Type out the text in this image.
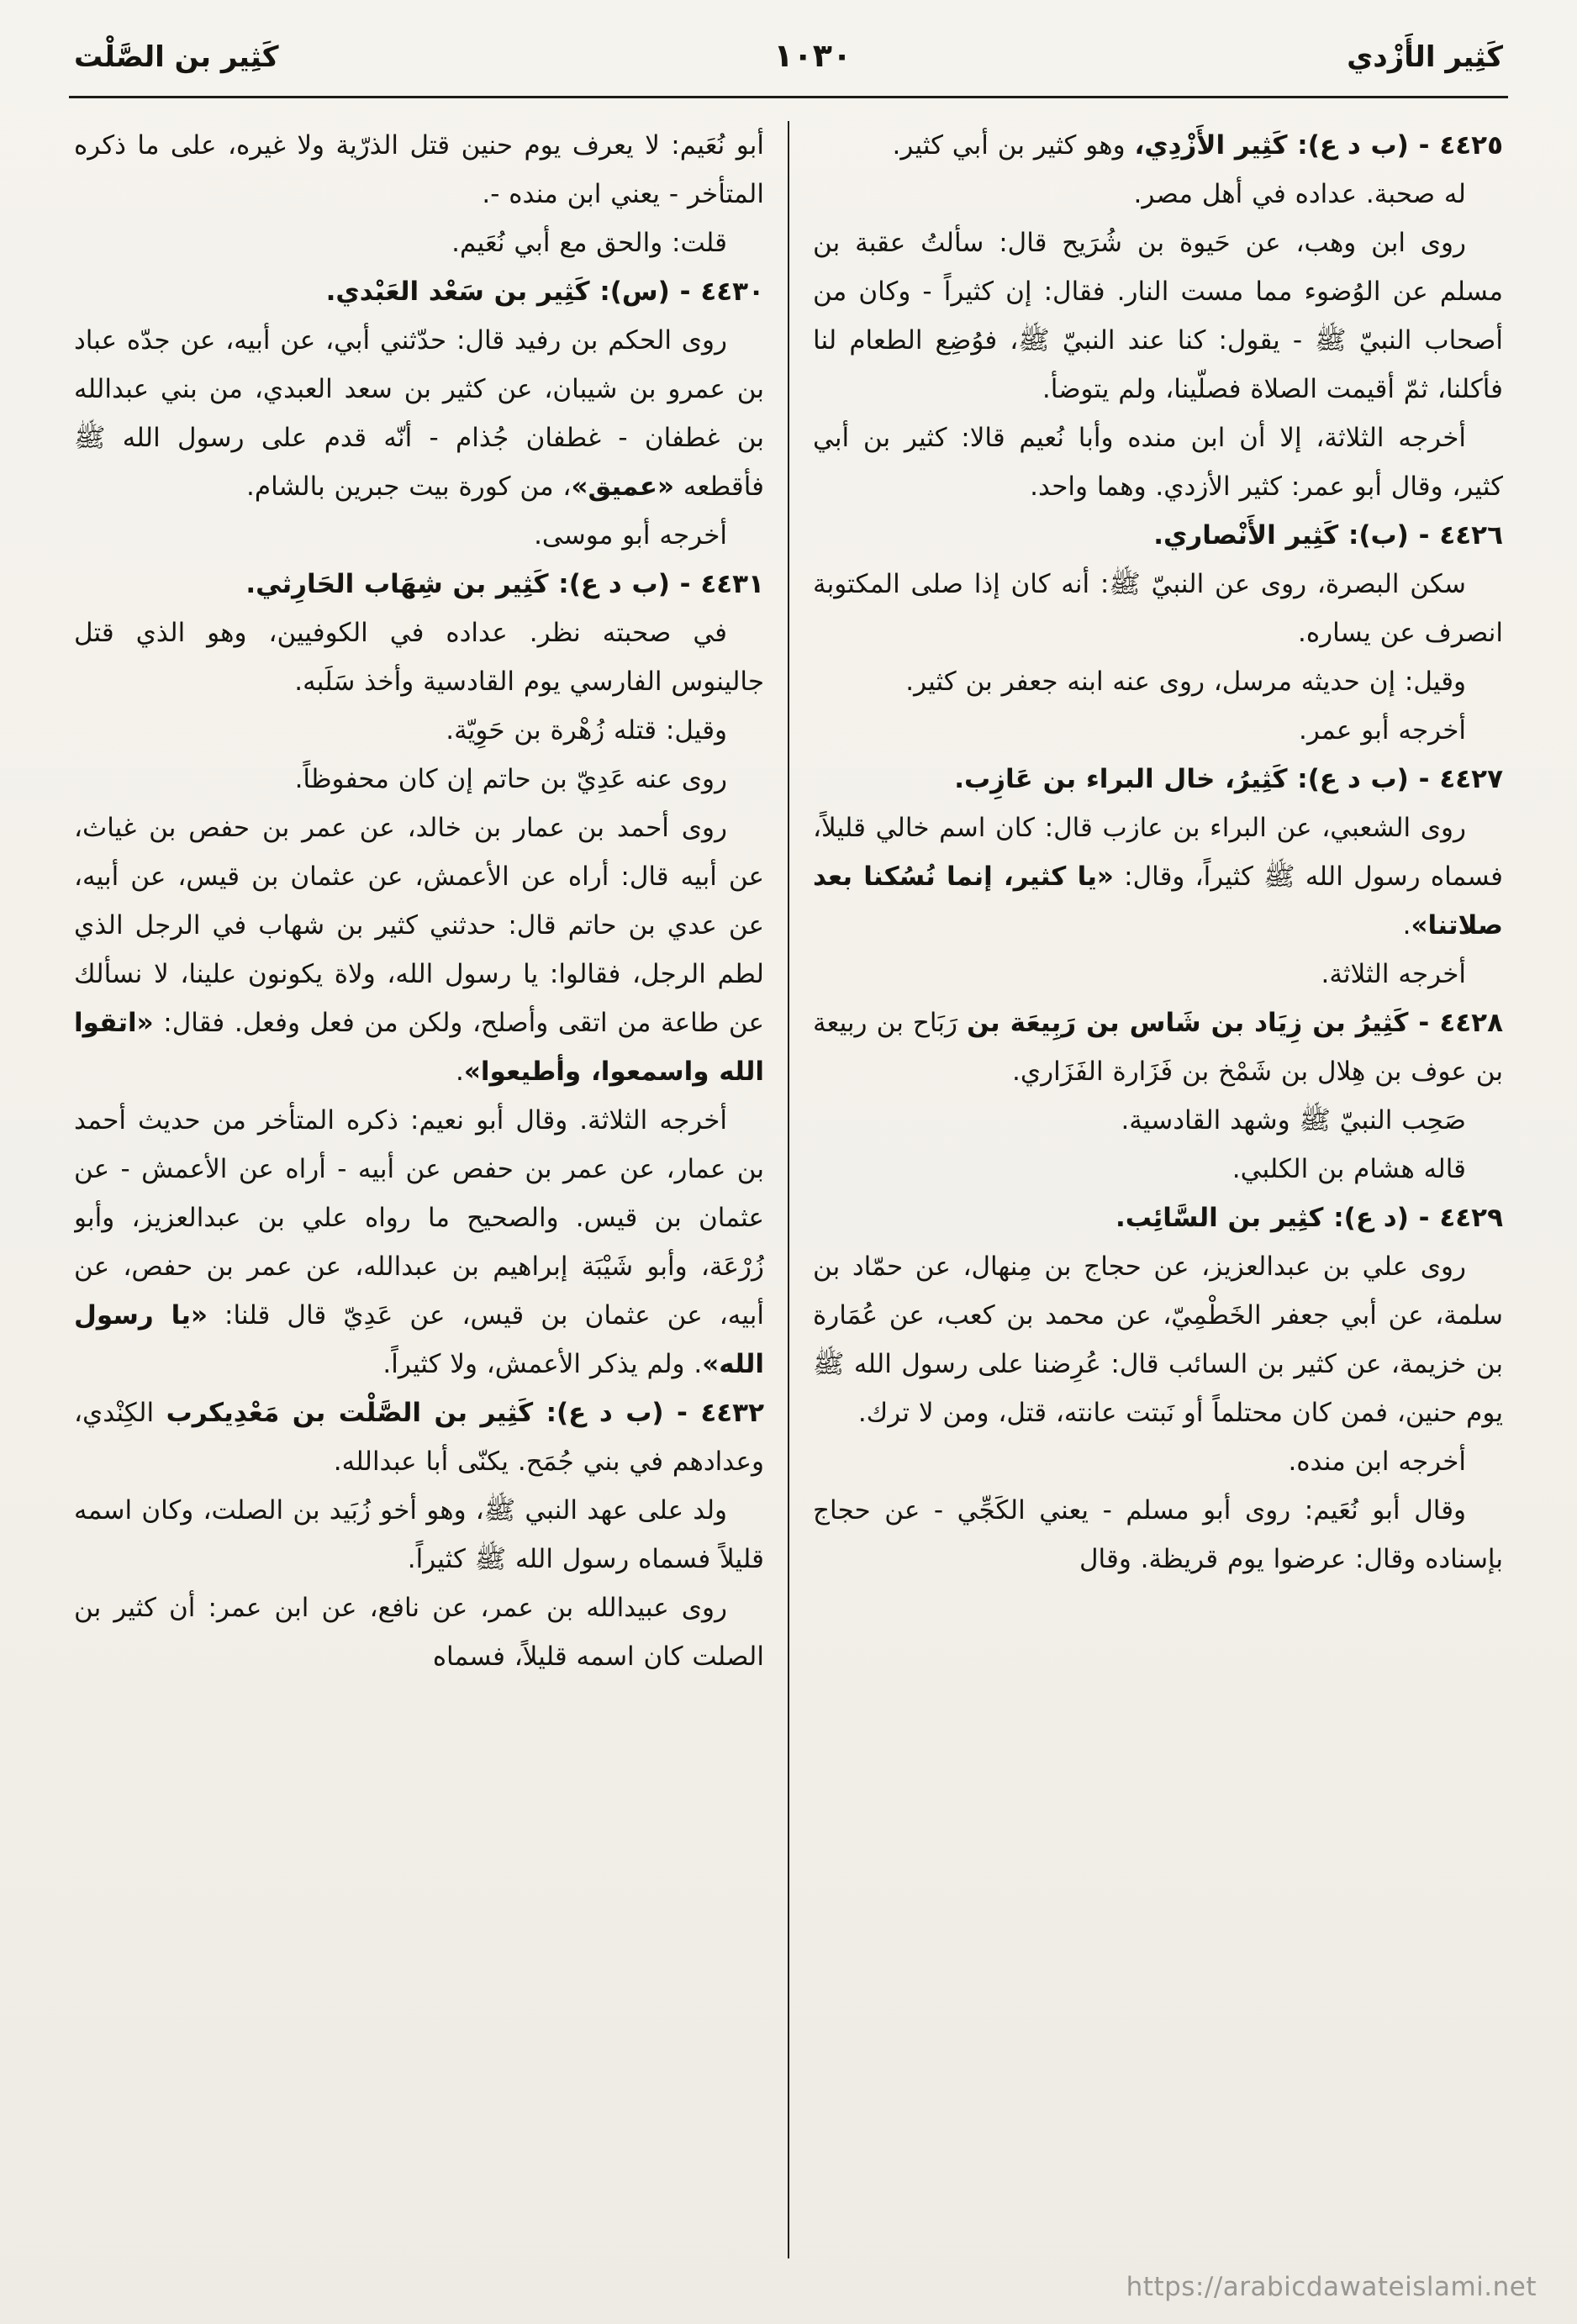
كَثِير الأَزْدي
١٠٣٠
كَثِير بن الصَّلْت

٤٤٢٥ - (ب د ع): كَثِير الأَزْدِي، وهو كثير بن أبي كثير.

له صحبة. عداده في أهل مصر.

روى ابن وهب، عن حَيوة بن شُرَيح قال: سألتُ عقبة بن مسلم عن الوُضوء مما مست النار. فقال: إن كثيراً - وكان من أصحاب النبيّ ﷺ - يقول: كنا عند النبيّ ﷺ، فوُضِع الطعام لنا فأكلنا، ثمّ أقيمت الصلاة فصلّينا، ولم يتوضأ.

أخرجه الثلاثة، إلا أن ابن منده وأبا نُعيم قالا: كثير بن أبي كثير، وقال أبو عمر: كثير الأزدي. وهما واحد.

٤٤٢٦ - (ب): كَثِير الأَنْصاري.

سكن البصرة، روى عن النبيّ ﷺ: أنه كان إذا صلى المكتوبة انصرف عن يساره.

وقيل: إن حديثه مرسل، روى عنه ابنه جعفر بن كثير.

أخرجه أبو عمر.

٤٤٢٧ - (ب د ع): كَثِيرُ، خال البراء بن عَازِب.

روى الشعبي، عن البراء بن عازب قال: كان اسم خالي قليلاً، فسماه رسول الله ﷺ كثيراً، وقال: «يا كثير، إنما نُسُكنا بعد صلاتنا».

أخرجه الثلاثة.

٤٤٢٨ - كَثِيرُ بن زِيَاد بن شَاس بن رَبِيعَة بن رَبَاح بن ربيعة بن عوف بن هِلال بن شَمْخ بن فَزَارة الفَزَاري.

صَحِب النبيّ ﷺ وشهد القادسية.

قاله هشام بن الكلبي.

٤٤٢٩ - (د ع): كثِير بن السَّائِب.

روى علي بن عبدالعزيز، عن حجاج بن مِنهال، عن حمّاد بن سلمة، عن أبي جعفر الخَطْمِيّ، عن محمد بن كعب، عن عُمَارة بن خزيمة، عن كثير بن السائب قال: عُرِضنا على رسول الله ﷺ يوم حنين، فمن كان محتلماً أو نَبتت عانته، قتل، ومن لا ترك.

أخرجه ابن منده.

وقال أبو نُعَيم: روى أبو مسلم - يعني الكَجِّي - عن حجاج بإسناده وقال: عرضوا يوم قريظة. وقال

أبو نُعَيم: لا يعرف يوم حنين قتل الذرّية ولا غيره، على ما ذكره المتأخر - يعني ابن منده -.

قلت: والحق مع أبي نُعَيم.

٤٤٣٠ - (س): كَثِير بن سَعْد العَبْدي.

روى الحكم بن رفيد قال: حدّثني أبي، عن أبيه، عن جدّه عباد بن عمرو بن شيبان، عن كثير بن سعد العبدي، من بني عبدالله بن غطفان - غطفان جُذام - أنّه قدم على رسول الله ﷺ فأقطعه «عميق»، من كورة بيت جبرين بالشام.

أخرجه أبو موسى.

٤٤٣١ - (ب د ع): كَثِير بن شِهَاب الحَارِثي.

في صحبته نظر. عداده في الكوفيين، وهو الذي قتل جالينوس الفارسي يوم القادسية وأخذ سَلَبه.

وقيل: قتله زُهْرة بن حَوِيّة.

روى عنه عَدِيّ بن حاتم إن كان محفوظاً.

روى أحمد بن عمار بن خالد، عن عمر بن حفص بن غياث، عن أبيه قال: أراه عن الأعمش، عن عثمان بن قيس، عن أبيه، عن عدي بن حاتم قال: حدثني كثير بن شهاب في الرجل الذي لطم الرجل، فقالوا: يا رسول الله، ولاة يكونون علينا، لا نسألك عن طاعة من اتقى وأصلح، ولكن من فعل وفعل. فقال: «اتقوا الله واسمعوا، وأطيعوا».

أخرجه الثلاثة. وقال أبو نعيم: ذكره المتأخر من حديث أحمد بن عمار، عن عمر بن حفص عن أبيه - أراه عن الأعمش - عن عثمان بن قيس. والصحيح ما رواه علي بن عبدالعزيز، وأبو زُرْعَة، وأبو شَيْبَة إبراهيم بن عبدالله، عن عمر بن حفص، عن أبيه، عن عثمان بن قيس، عن عَدِيّ قال قلنا: «يا رسول الله». ولم يذكر الأعمش، ولا كثيراً.

٤٤٣٢ - (ب د ع): كَثِير بن الصَّلْت بن مَعْدِيكرب الكِنْدي، وعدادهم في بني جُمَح. يكنّى أبا عبدالله.

ولد على عهد النبي ﷺ، وهو أخو زُبَيد بن الصلت، وكان اسمه قليلاً فسماه رسول الله ﷺ كثيراً.

روى عبيدالله بن عمر، عن نافع، عن ابن عمر: أن كثير بن الصلت كان اسمه قليلاً، فسماه

https://arabicdawateislami.net
